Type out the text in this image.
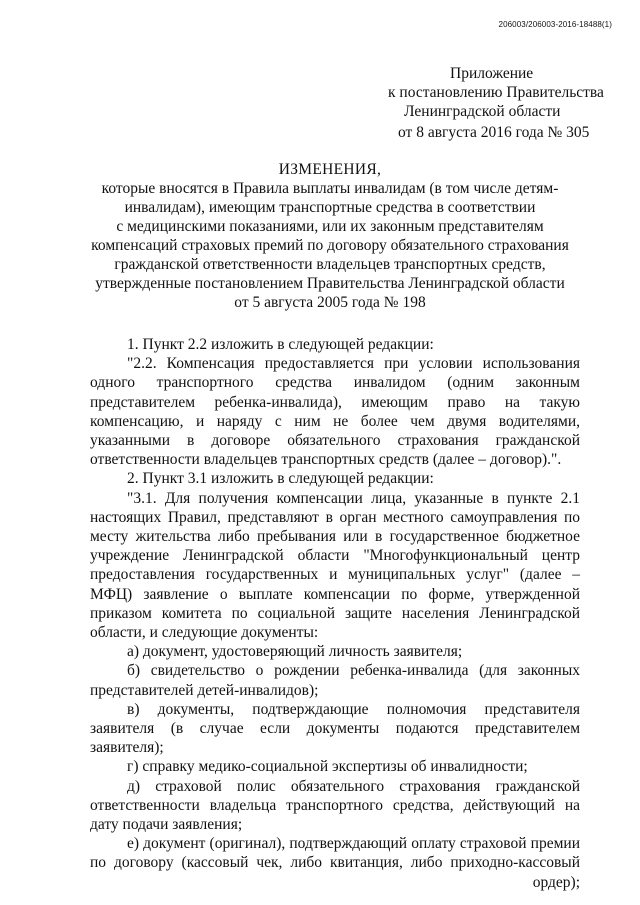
206003/206003-2016-18488(1)
Приложение
к постановлению Правительства
Ленинградской области
от 8 августа 2016 года № 305
ИЗМЕНЕНИЯ,
которые вносятся в Правила выплаты инвалидам (в том числе детям-
инвалидам), имеющим транспортные средства в соответствии
с медицинскими показаниями, или их законным представителям
компенсаций страховых премий по договору обязательного страхования
гражданской ответственности владельцев транспортных средств,
утвержденные постановлением Правительства Ленинградской области
от 5 августа 2005 года № 198

1. Пункт 2.2 изложить в следующей редакции:

"2.2. Компенсация предоставляется при условии использования одного транспортного средства инвалидом (одним законным представителем ребенка-инвалида), имеющим право на такую компенсацию, и наряду с ним не более чем двумя водителями, указанными в договоре обязательного страхования гражданской ответственности владельцев транспортных средств (далее – договор).".

2. Пункт 3.1 изложить в следующей редакции:

"3.1. Для получения компенсации лица, указанные в пункте 2.1 настоящих Правил, представляют в орган местного самоуправления по месту жительства либо пребывания или в государственное бюджетное учреждение Ленинградской области "Многофункциональный центр предоставления государственных и муниципальных услуг" (далее – МФЦ) заявление о выплате компенсации по форме, утвержденной приказом комитета по социальной защите населения Ленинградской области, и следующие документы:

а) документ, удостоверяющий личность заявителя;

б) свидетельство о рождении ребенка-инвалида (для законных представителей детей-инвалидов);

в) документы, подтверждающие полномочия представителя заявителя (в случае если документы подаются представителем заявителя);

г) справку медико-социальной экспертизы об инвалидности;

д) страховой полис обязательного страхования гражданской ответственности владельца транспортного средства, действующий на дату подачи заявления;

е) документ (оригинал), подтверждающий оплату страховой премии по договору (кассовый чек, либо квитанция, либо приходно-кассовый ордер);
